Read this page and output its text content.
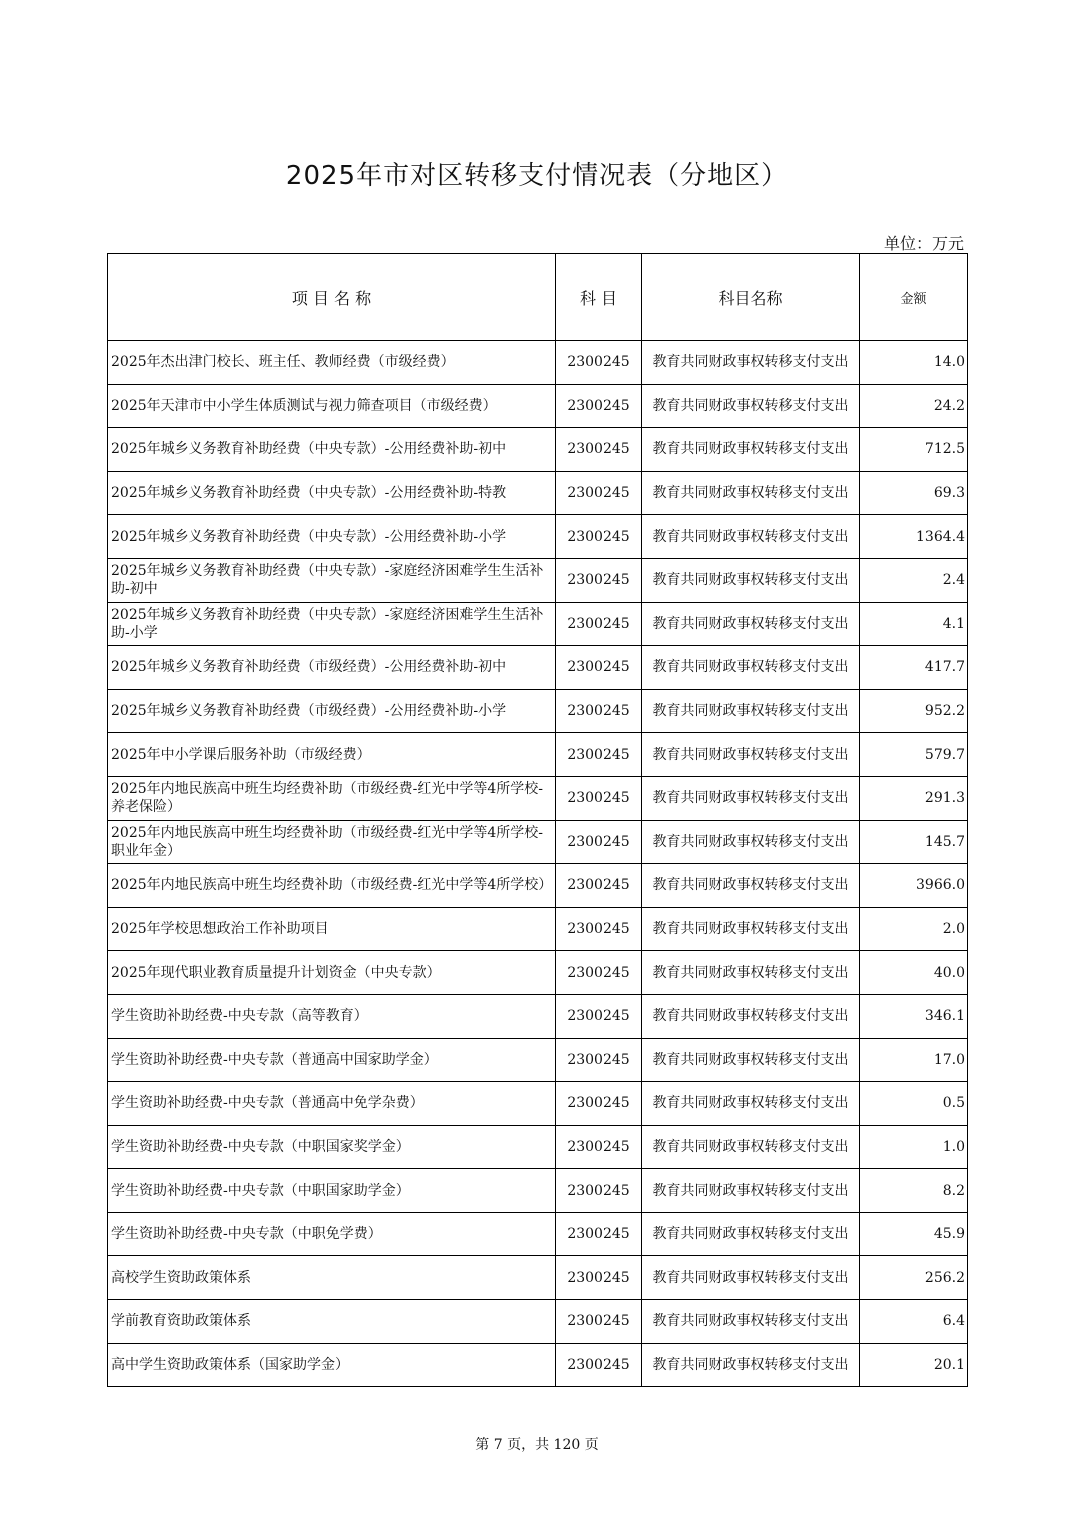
2025年市对区转移支付情况表（分地区）
单位：万元
项 目 名 称	科 目	科目名称	金额
2025年杰出津门校长、班主任、教师经费（市级经费）	2300245	教育共同财政事权转移支付支出	14.0
2025年天津市中小学生体质测试与视力筛查项目（市级经费）	2300245	教育共同财政事权转移支付支出	24.2
2025年城乡义务教育补助经费（中央专款）-公用经费补助-初中	2300245	教育共同财政事权转移支付支出	712.5
2025年城乡义务教育补助经费（中央专款）-公用经费补助-特教	2300245	教育共同财政事权转移支付支出	69.3
2025年城乡义务教育补助经费（中央专款）-公用经费补助-小学	2300245	教育共同财政事权转移支付支出	1364.4
2025年城乡义务教育补助经费（中央专款）-家庭经济困难学生生活补助-初中	2300245	教育共同财政事权转移支付支出	2.4
2025年城乡义务教育补助经费（中央专款）-家庭经济困难学生生活补助-小学	2300245	教育共同财政事权转移支付支出	4.1
2025年城乡义务教育补助经费（市级经费）-公用经费补助-初中	2300245	教育共同财政事权转移支付支出	417.7
2025年城乡义务教育补助经费（市级经费）-公用经费补助-小学	2300245	教育共同财政事权转移支付支出	952.2
2025年中小学课后服务补助（市级经费）	2300245	教育共同财政事权转移支付支出	579.7
2025年内地民族高中班生均经费补助（市级经费-红光中学等4所学校-养老保险）	2300245	教育共同财政事权转移支付支出	291.3
2025年内地民族高中班生均经费补助（市级经费-红光中学等4所学校-职业年金）	2300245	教育共同财政事权转移支付支出	145.7
2025年内地民族高中班生均经费补助（市级经费-红光中学等4所学校）	2300245	教育共同财政事权转移支付支出	3966.0
2025年学校思想政治工作补助项目	2300245	教育共同财政事权转移支付支出	2.0
2025年现代职业教育质量提升计划资金（中央专款）	2300245	教育共同财政事权转移支付支出	40.0
学生资助补助经费-中央专款（高等教育）	2300245	教育共同财政事权转移支付支出	346.1
学生资助补助经费-中央专款（普通高中国家助学金）	2300245	教育共同财政事权转移支付支出	17.0
学生资助补助经费-中央专款（普通高中免学杂费）	2300245	教育共同财政事权转移支付支出	0.5
学生资助补助经费-中央专款（中职国家奖学金）	2300245	教育共同财政事权转移支付支出	1.0
学生资助补助经费-中央专款（中职国家助学金）	2300245	教育共同财政事权转移支付支出	8.2
学生资助补助经费-中央专款（中职免学费）	2300245	教育共同财政事权转移支付支出	45.9
高校学生资助政策体系	2300245	教育共同财政事权转移支付支出	256.2
学前教育资助政策体系	2300245	教育共同财政事权转移支付支出	6.4
高中学生资助政策体系（国家助学金）	2300245	教育共同财政事权转移支付支出	20.1
第 7 页，共 120 页
